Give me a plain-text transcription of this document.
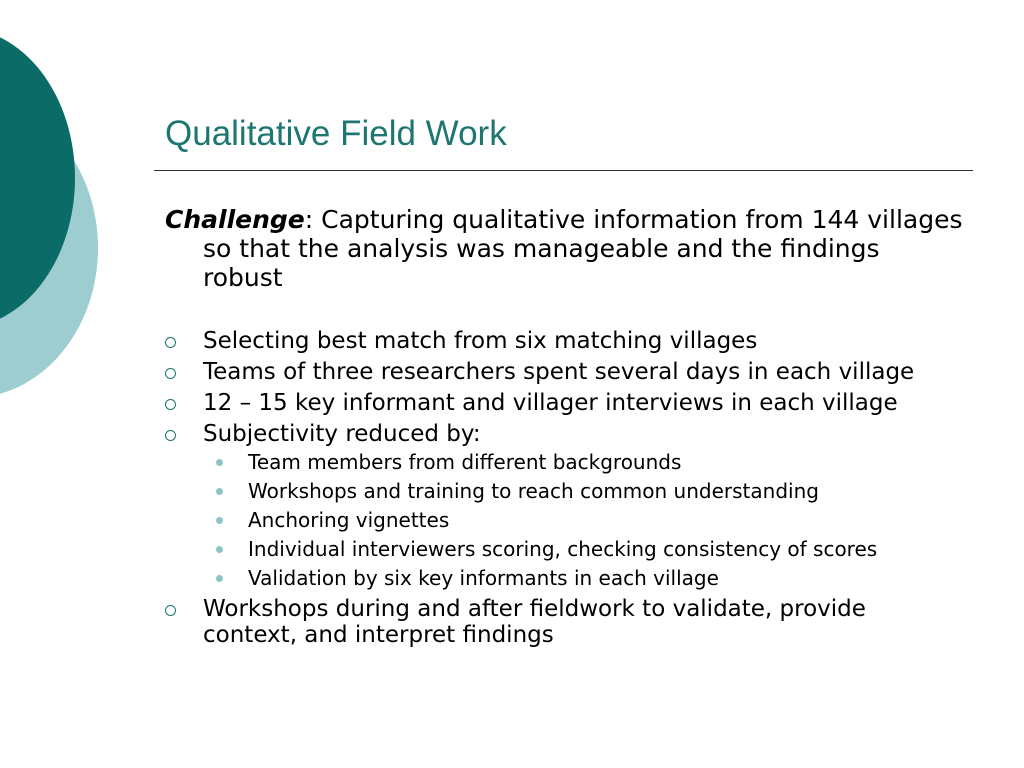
Qualitative Field Work

Challenge: Capturing qualitative information from 144 villages so that the analysis was manageable and the findings robust

Selecting best match from six matching villages
Teams of three researchers spent several days in each village
12 – 15 key informant and villager interviews in each village
Subjectivity reduced by:
Team members from different backgrounds
Workshops and training to reach common understanding
Anchoring vignettes
Individual interviewers scoring, checking consistency of scores
Validation by six key informants in each village
Workshops during and after fieldwork to validate, provide context, and interpret findings
